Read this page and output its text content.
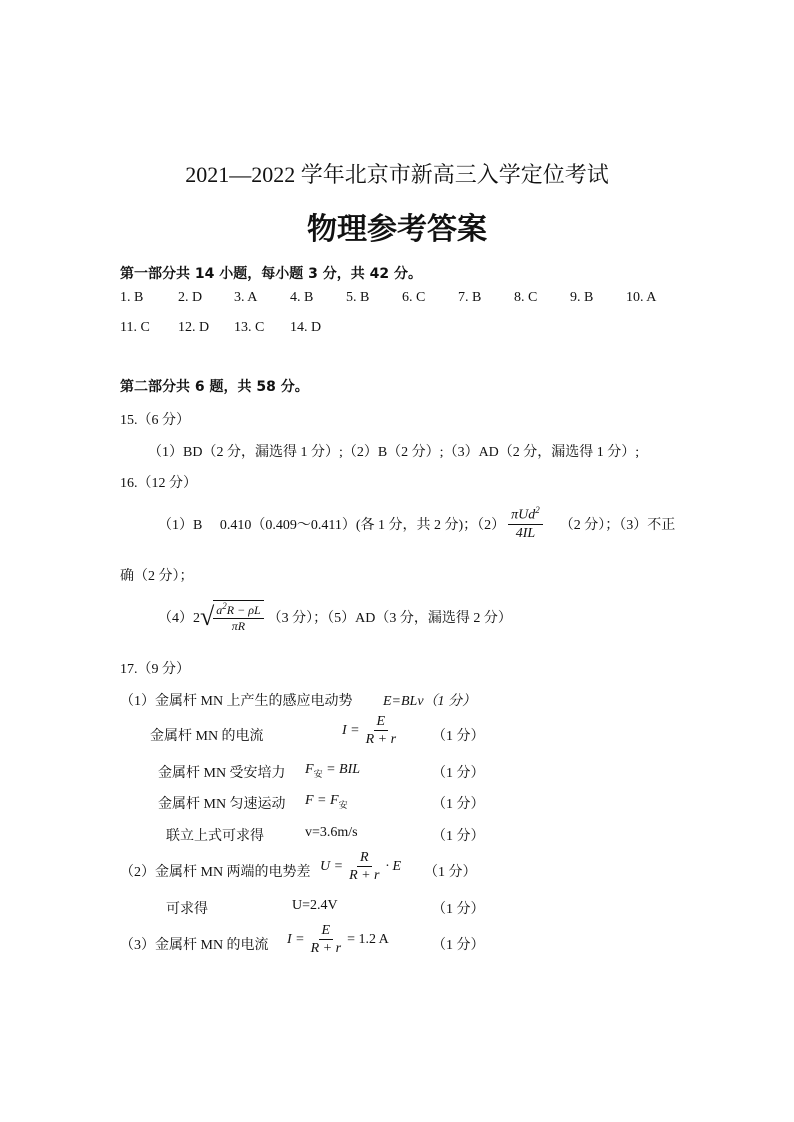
2021—2022 学年北京市新高三入学定位考试
物理参考答案
第一部分共 14 小题，每小题 3 分，共 42 分。
1. B 2. D 3. A 4. B 5. B 6. C 7. B 8. C 9. B 10. A
11. C 12. D 13. C 14. D
第二部分共 6 题，共 58 分。
15.（6 分）
（1）BD（2 分，漏选得 1 分）;（2）B（2 分）;（3）AD（2 分，漏选得 1 分）;
16.（12 分）
（1）B　 0.410（0.409～0.411）(各 1 分，共 2 分)；$(2) \frac{\pi Ud^2}{4IL} (2$ 分）；（3）不正
确（2 分）；
（4）2 √ $\frac{a^2R - \rho L}{\pi R} (3$ 分）；（5）AD（3 分，漏选得 2 分）
17.（9 分）
（1）金属杆 MN 上产生的感应电动势 E=BLv（1 分）
金属杆 MN 的电流	$I = \frac{E}{R + r} (1$ 分）
金属杆 MN 受安培力 $F_安$ = BIL	（1 分）
金属杆 MN 匀速运动 $F = F_安$	（1 分）
联立上式可求得	v=3.6m/s	（1 分）
（2）金属杆 MN 两端的电势差 $U = \frac{R}{R + r} \cdot E$ （1 分）
可求得	U=2.4V	（1 分）
（3）金属杆 MN 的电流 $I = \frac{E}{R + r} = 1.2$ A	（1 分）
